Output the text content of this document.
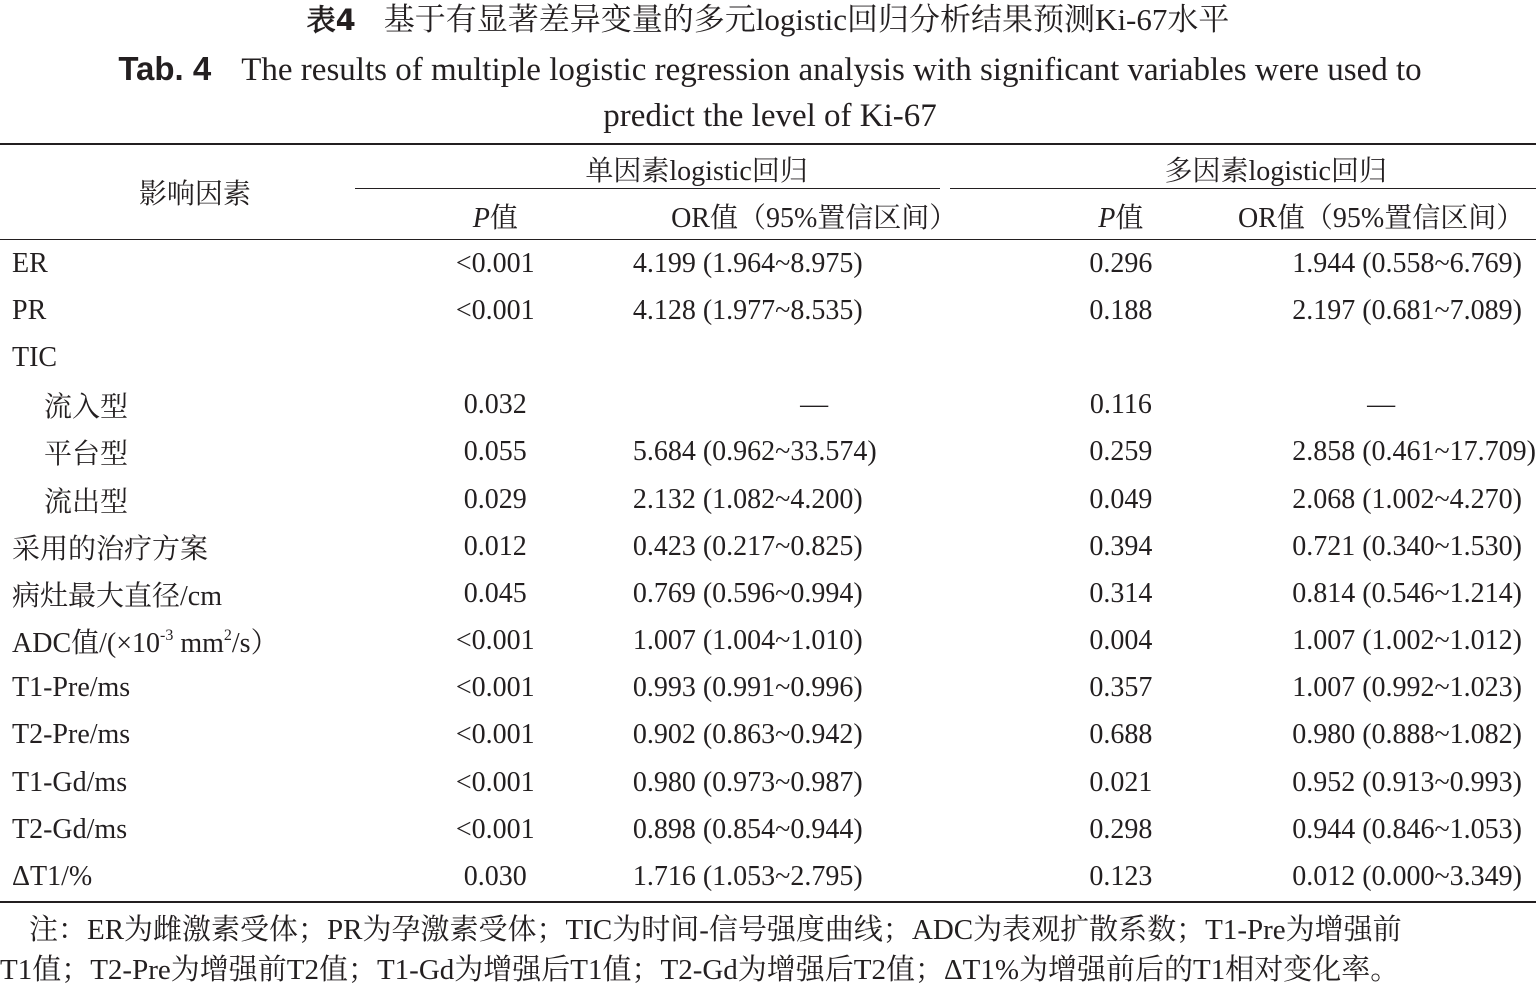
表4 基于有显著差异变量的多元logistic回归分析结果预测Ki-67水平
Tab. 4 The results of multiple logistic regression analysis with significant variables were used to
predict the level of Ki-67
影响因素	单因素logistic回归		多因素logistic回归	
	P值	OR值（95%置信区间）	P值	OR值（95%置信区间）
ER	<0.001	4.199 (1.964~8.975)	0.296	1.944 (0.558~6.769)
PR	<0.001	4.128 (1.977~8.535)	0.188	2.197 (0.681~7.089)
TIC				
流入型	0.032	—	0.116	—
平台型	0.055	5.684 (0.962~33.574)	0.259	2.858 (0.461~17.709)
流出型	0.029	2.132 (1.082~4.200)	0.049	2.068 (1.002~4.270)
采用的治疗方案	0.012	0.423 (0.217~0.825)	0.394	0.721 (0.340~1.530)
病灶最大直径/cm	0.045	0.769 (0.596~0.994)	0.314	0.814 (0.546~1.214)
ADC值$/(\times 10^{-3}$ $mm^2/s$）	<0.001	1.007 (1.004~1.010)	0.004	1.007 (1.002~1.012)
T1-Pre/ms	<0.001	0.993 (0.991~0.996)	0.357	1.007 (0.992~1.023)
T2-Pre/ms	<0.001	0.902 (0.863~0.942)	0.688	0.980 (0.888~1.082)
T1-Gd/ms	<0.001	0.980 (0.973~0.987)	0.021	0.952 (0.913~0.993)
T2-Gd/ms	<0.001	0.898 (0.854~0.944)	0.298	0.944 (0.846~1.053)
ΔT1/%	0.030	1.716 (1.053~2.795)	0.123	0.012 (0.000~3.349)

　注：ER为雌激素受体；PR为孕激素受体；TIC为时间-信号强度曲线；ADC为表观扩散系数；T1-Pre为增强前

T1值；T2-Pre为增强前T2值；T1-Gd为增强后T1值；T2-Gd为增强后T2值；ΔT1%为增强前后的T1相对变化率。
